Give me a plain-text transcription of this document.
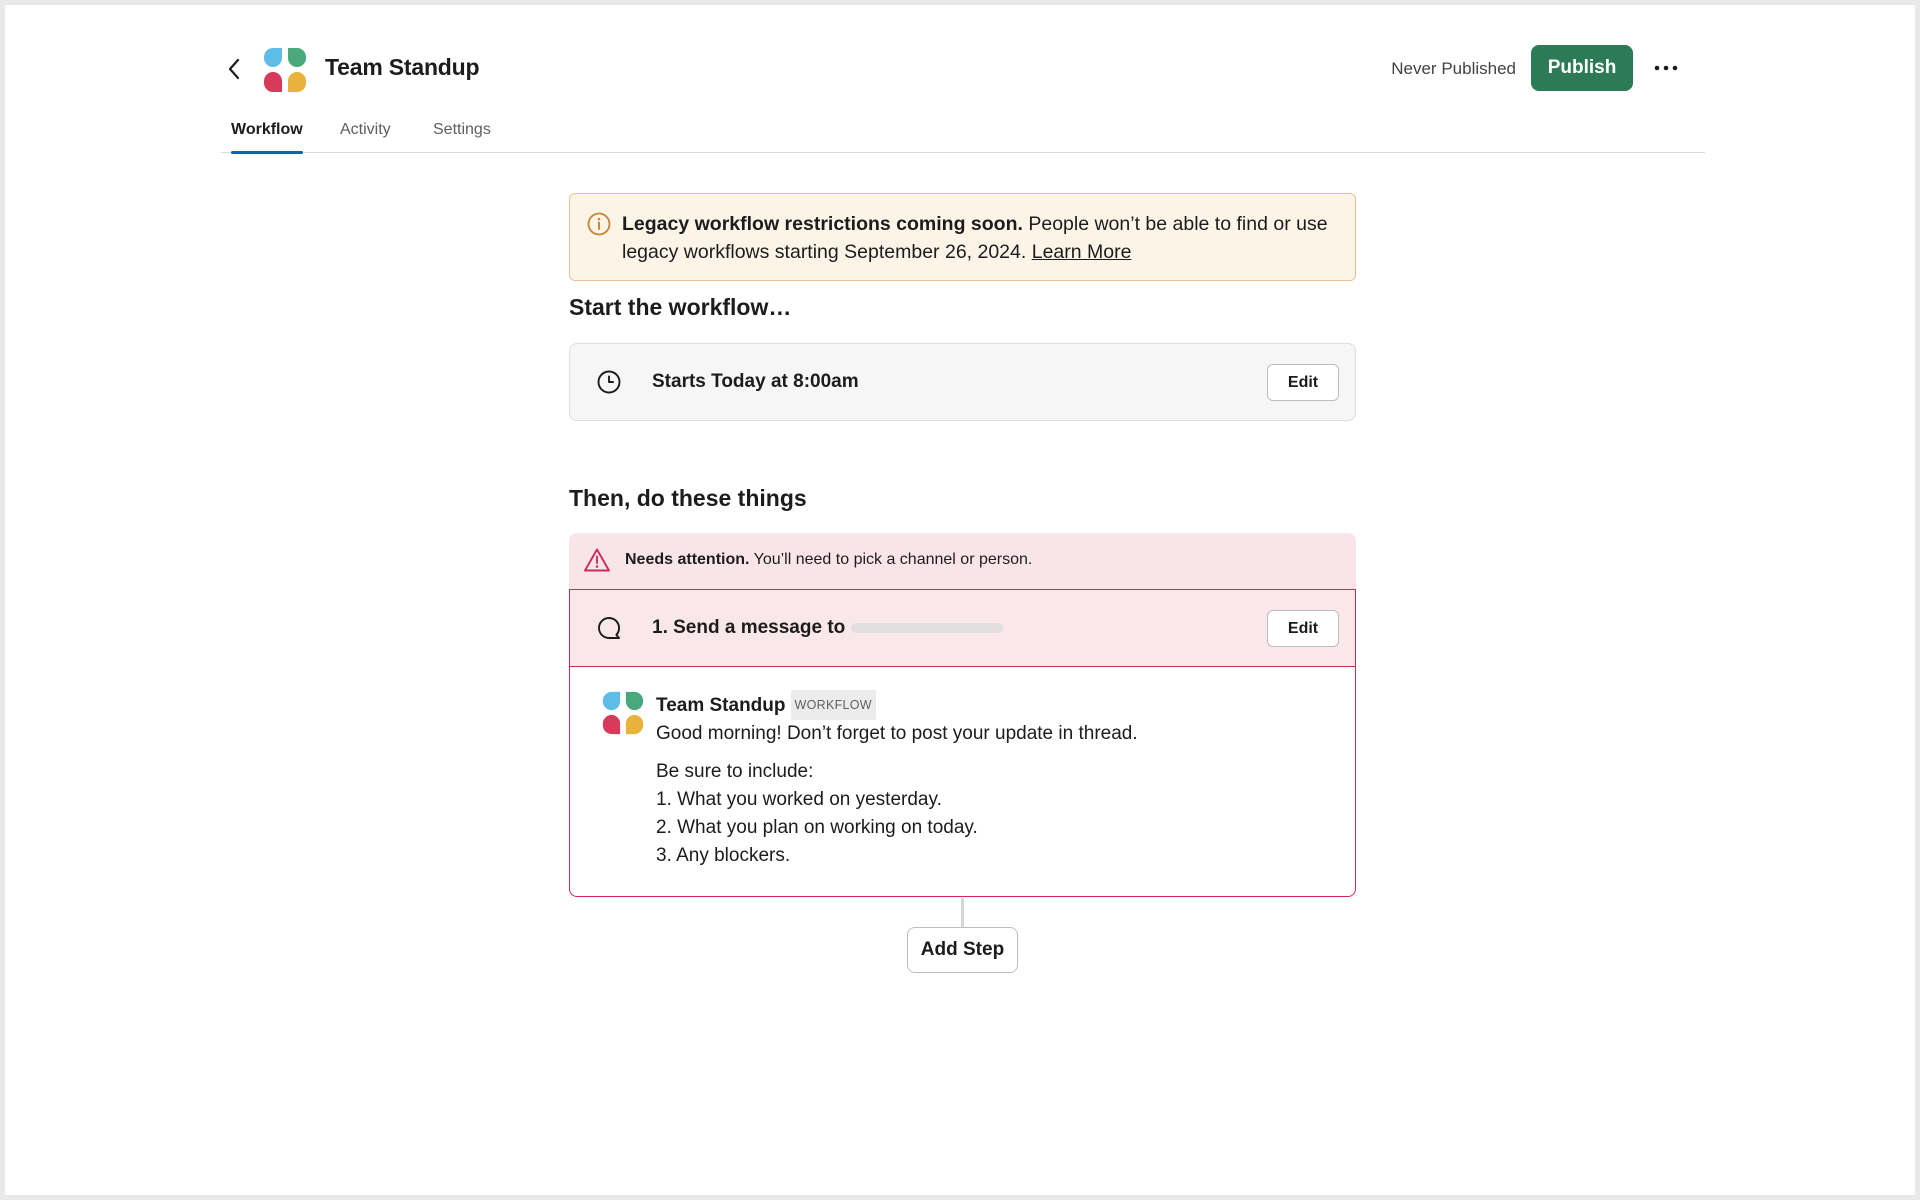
Team Standup	Never Published	Publish
Workflow Activity	Settings
Legacy workflow restrictions coming soon. People won’t be able to find or use legacy workflows starting September 26, 2024. Learn More
Start the workflow…
Starts Today at 8:00am	Edit
Then, do these things
Needs attention. You’ll need to pick a channel or person.
1. Send a message to	Edit
Team Standup WORKFLOW
Good morning! Don’t forget to post your update in thread.
Be sure to include:
1. What you worked on yesterday.
2. What you plan on working on today.
3. Any blockers.
Add Step
